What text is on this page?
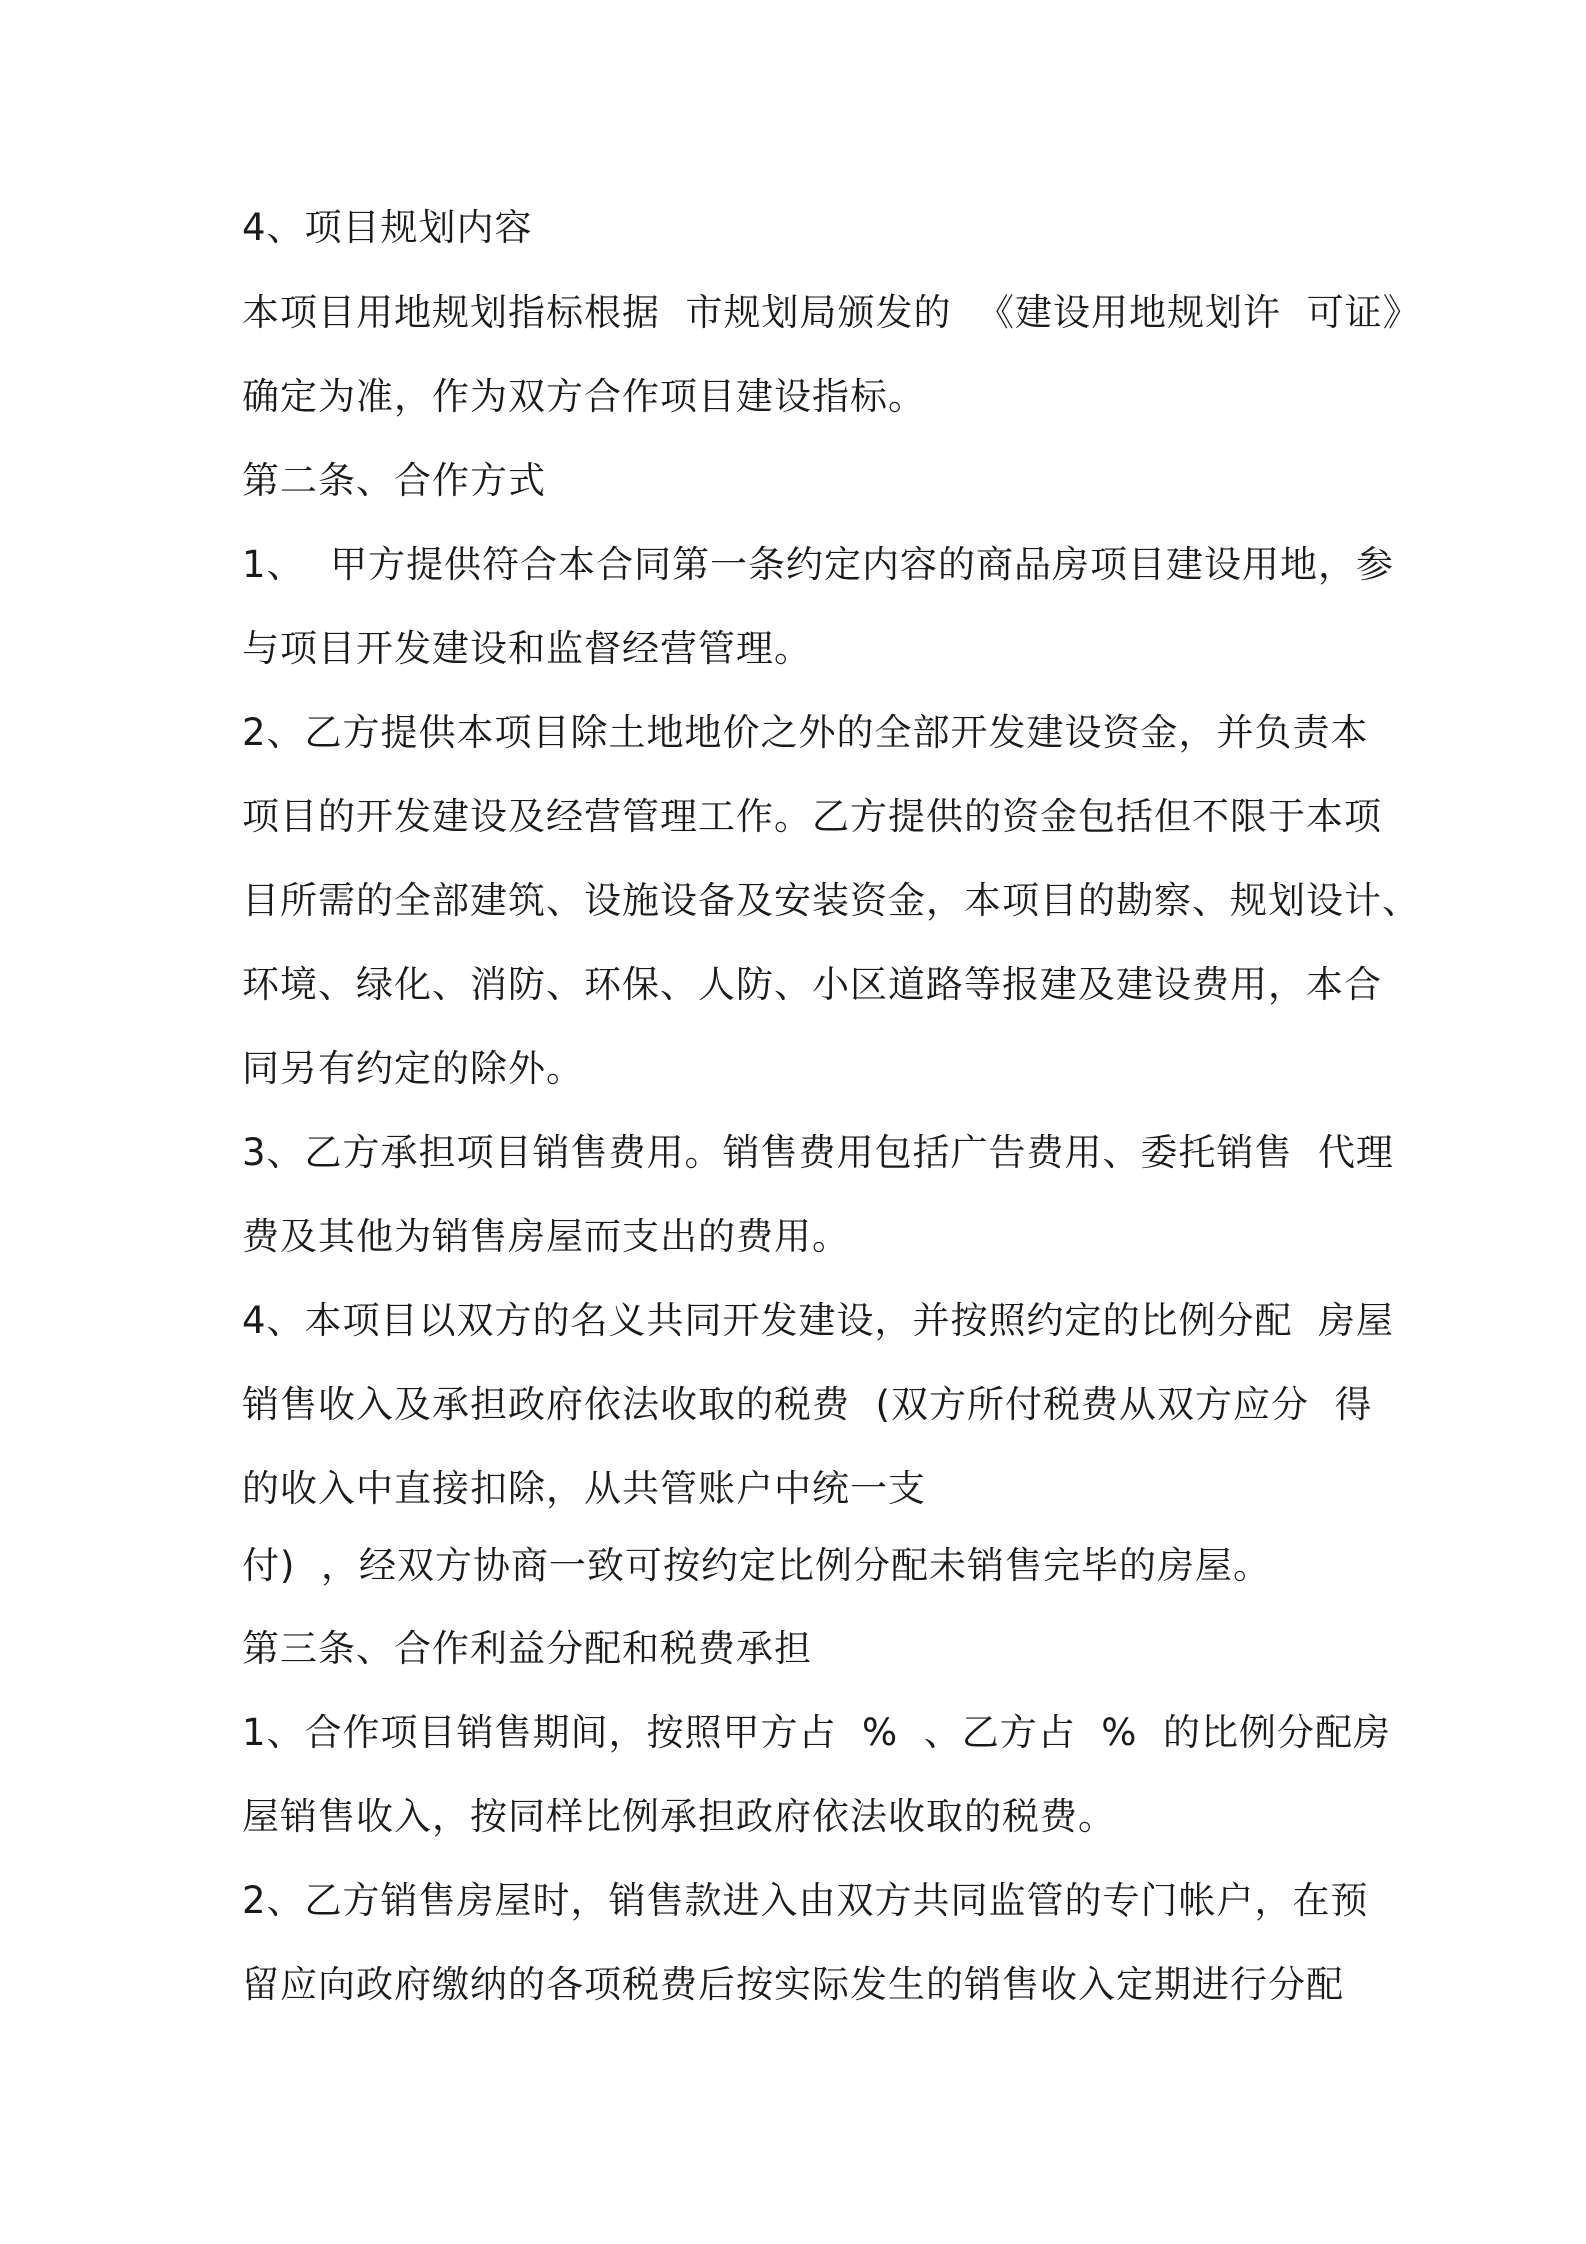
4、项目规划内容
本项目用地规划指标根据  市规划局颁发的  《建设用地规划许  可证》
确定为准，作为双方合作项目建设指标。
第二条、合作方式
1、  甲方提供符合本合同第一条约定内容的商品房项目建设用地，参
与项目开发建设和监督经营管理。
2、乙方提供本项目除土地地价之外的全部开发建设资金，并负责本
项目的开发建设及经营管理工作。乙方提供的资金包括但不限于本项
目所需的全部建筑、设施设备及安装资金，本项目的勘察、规划设计、
环境、绿化、消防、环保、人防、小区道路等报建及建设费用，本合
同另有约定的除外。
3、乙方承担项目销售费用。销售费用包括广告费用、委托销售  代理
费及其他为销售房屋而支出的费用。
4、本项目以双方的名义共同开发建设，并按照约定的比例分配  房屋
销售收入及承担政府依法收取的税费  (双方所付税费从双方应分  得
的收入中直接扣除，从共管账户中统一支
付)  ，经双方协商一致可按约定比例分配未销售完毕的房屋。
第三条、合作利益分配和税费承担
1、合作项目销售期间，按照甲方占  %  、乙方占  %  的比例分配房
屋销售收入，按同样比例承担政府依法收取的税费。
2、乙方销售房屋时，销售款进入由双方共同监管的专门帐户，在预
留应向政府缴纳的各项税费后按实际发生的销售收入定期进行分配
